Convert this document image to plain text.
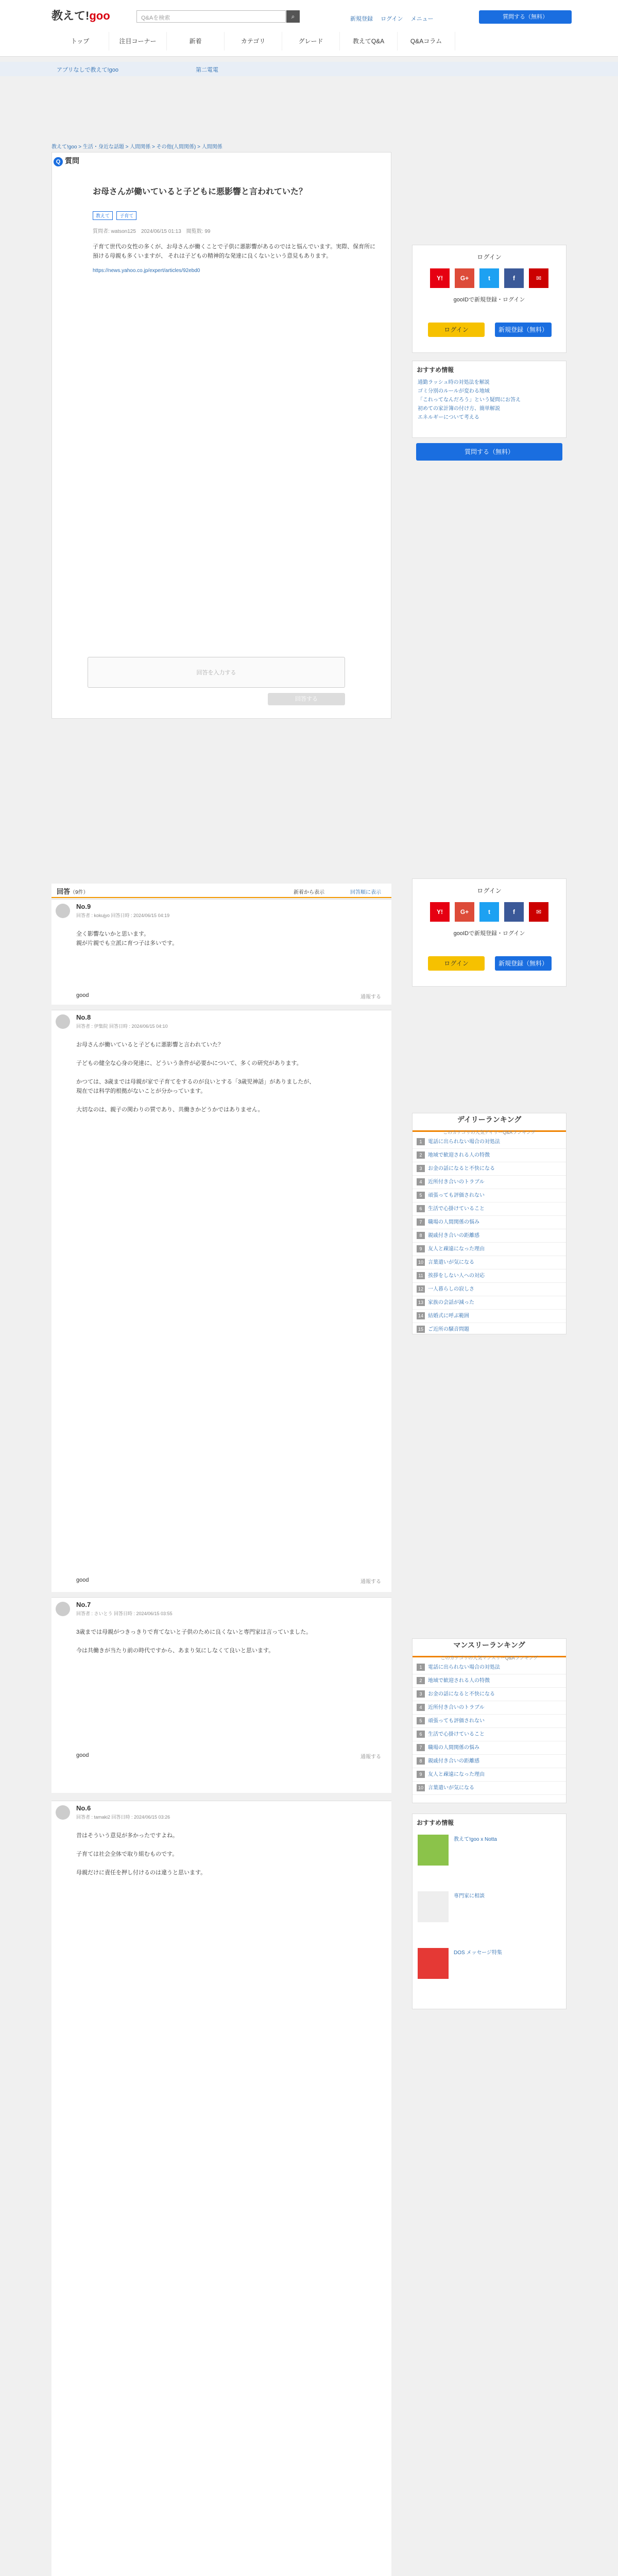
教えて!goo	Q&Aを検索	⌕	新規登録 ログイン メニュー	質問する（無料）
トップ	注目コーナー	新着	カテゴリ	グレード	教えてQ&A	Q&Aコラム
アプリなしで教えて!goo	第二電電
教えて!goo > 生活・身近な話題 > 人間関係 > その他(人間関係) > 人間関係
Q 質問
お母さんが働いていると子どもに悪影響と言われていた？
教えて 子育て
質問者: watson125　 2024/06/15 01:13　 閲覧数: 99
子育て世代の女性の多くが、お母さんが働くことで子供に悪影響があるのではと悩んでいます。実際、保育所に預ける母親も多くいますが、 それは子どもの精神的な発達に良くないという意見もあります。
https://news.yahoo.co.jp/expert/articles/92ebd0
回答を入力する
回答する
ログイン
Y!	G+	t	f	✉
gooIDで新規登録・ログイン
ログイン	新規登録（無料）
おすすめ情報
通勤ラッシュ時の対処法を解説
ゴミ分別のルールが変わる地域
「これってなんだろう」という疑問にお答え
初めての家計簿の付け方、簡単解説
エネルギーについて考える
質問する（無料）
回答（9件）	新着から表示	回答順に表示	ログイン
Y!	G+	t	f	✉
gooIDで新規登録・ログイン
ログイン	新規登録（無料）
No.9
回答者 : kokujyo 回答日時 : 2024/06/15 04:19
全く影響ないかと思います。
親が片親でも立派に育つ子は多いです。
good	通報する
No.8
回答者 : 伊集院 回答日時 : 2024/06/15 04:10
お母さんが働いていると子どもに悪影響と言われていた？

子どもの健全な心身の発達に、どういう条件が必要かについて、多くの研究があります。

かつては、3歳までは母親が家で子育てをするのが良いとする「3歳児神話」がありましたが、
現在では科学的根拠がないことが分かっています。

大切なのは、親子の関わりの質であり、共働きかどうかではありません。
good	通報する
No.7
回答者 : さいとう 回答日時 : 2024/06/15 03:55
3歳までは母親がつきっきりで育てないと子供のために良くないと専門家は言っていました。

今は共働きが当たり前の時代ですから、あまり気にしなくて良いと思います。
good	通報する
No.6
回答者 : tamaki2 回答日時 : 2024/06/15 03:26
昔はそういう意見が多かったですよね。

子育ては社会全体で取り組むものです。

母親だけに責任を押し付けるのは違うと思います。
デイリーランキング
このカテゴリの人気デイリーQ&Aランキング
1 電話に出られない場合の対処法
2 地域で歓迎される人の特徴
3 お金の話になると不快になる
4 近所付き合いのトラブル
5 頑張っても評価されない
6 生活で心掛けていること
7 職場の人間関係の悩み
8 親戚付き合いの距離感
9 友人と疎遠になった理由
10 言葉遣いが気になる
11 挨拶をしない人への対応
12 一人暮らしの寂しさ
13 家族の会話が減った
14 結婚式に呼ぶ範囲
15 ご近所の騒音問題
マンスリーランキング
このカテゴリの人気マンスリーQ&Aランキング
1 電話に出られない場合の対処法
2 地域で歓迎される人の特徴
3 お金の話になると不快になる
4 近所付き合いのトラブル
5 頑張っても評価されない
6 生活で心掛けていること
7 職場の人間関係の悩み
8 親戚付き合いの距離感
9 友人と疎遠になった理由
10 言葉遣いが気になる
おすすめ情報
教えて!goo x Notta
専門家に相談
DOS メッセージ特集
